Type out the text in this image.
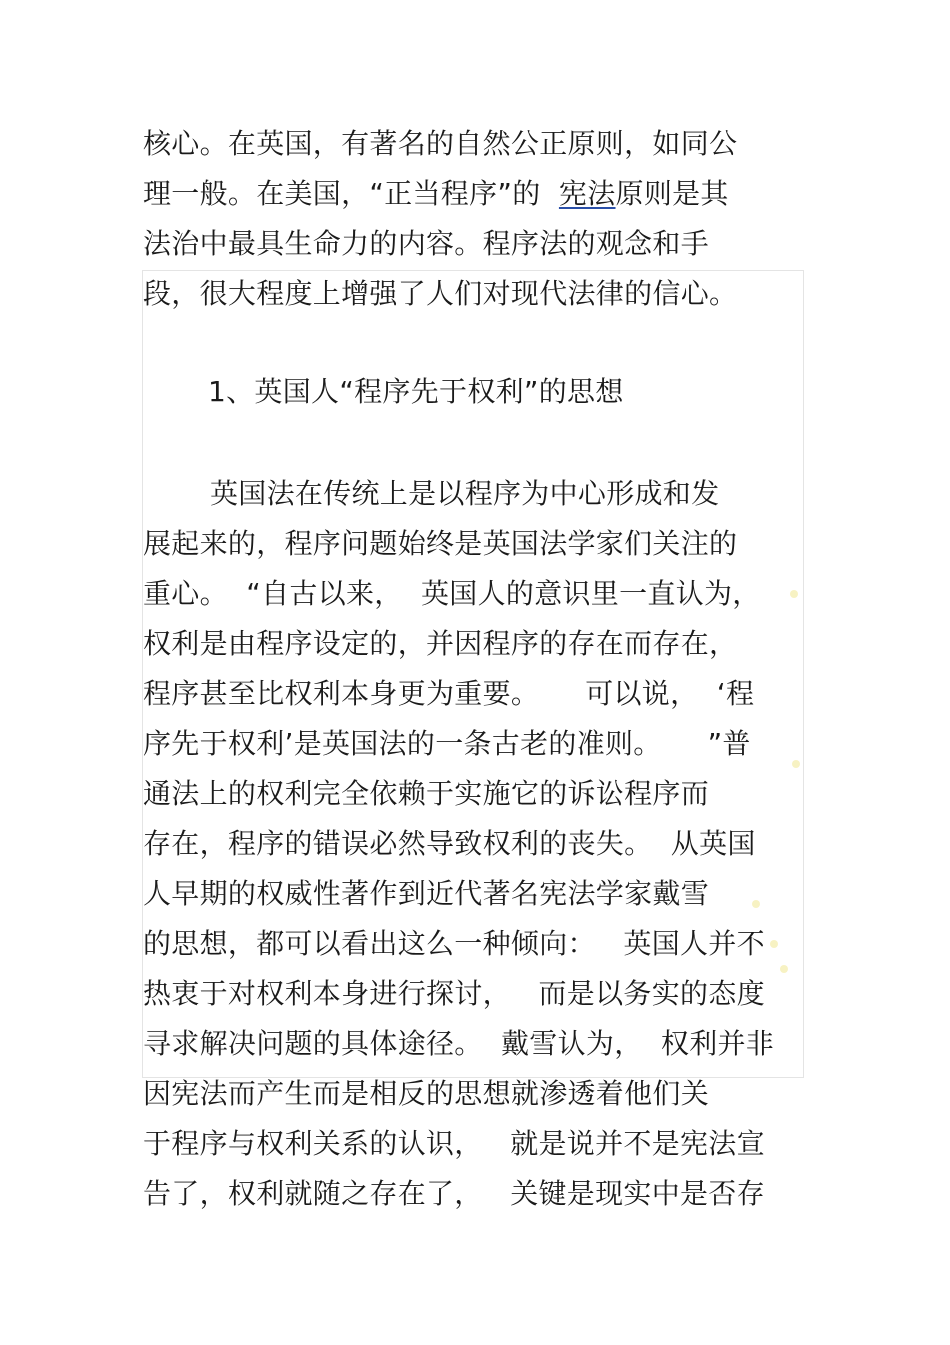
核心。在英国，有著名的自然公正原则，如同公
理一般。在美国，“正当程序”的  宪法原则是其
法治中最具生命力的内容。程序法的观念和手
段，很大程度上增强了人们对现代法律的信心。
1、英国人“程序先于权利”的思想
英国法在传统上是以程序为中心形成和发
展起来的，程序问题始终是英国法学家们关注的
重心。  “自古以来，  英国人的意识里一直认为，
权利是由程序设定的，并因程序的存在而存在，
程序甚至比权利本身更为重要。     可以说，  ‘程
序先于权利’是英国法的一条古老的准则。     ”普
通法上的权利完全依赖于实施它的诉讼程序而
存在，程序的错误必然导致权利的丧失。  从英国
人早期的权威性著作到近代著名宪法学家戴雪
的思想，都可以看出这么一种倾向：   英国人并不
热衷于对权利本身进行探讨，   而是以务实的态度
寻求解决问题的具体途径。  戴雪认为，  权利并非
因宪法而产生而是相反的思想就渗透着他们关
于程序与权利关系的认识，   就是说并不是宪法宣
告了，权利就随之存在了，   关键是现实中是否存
